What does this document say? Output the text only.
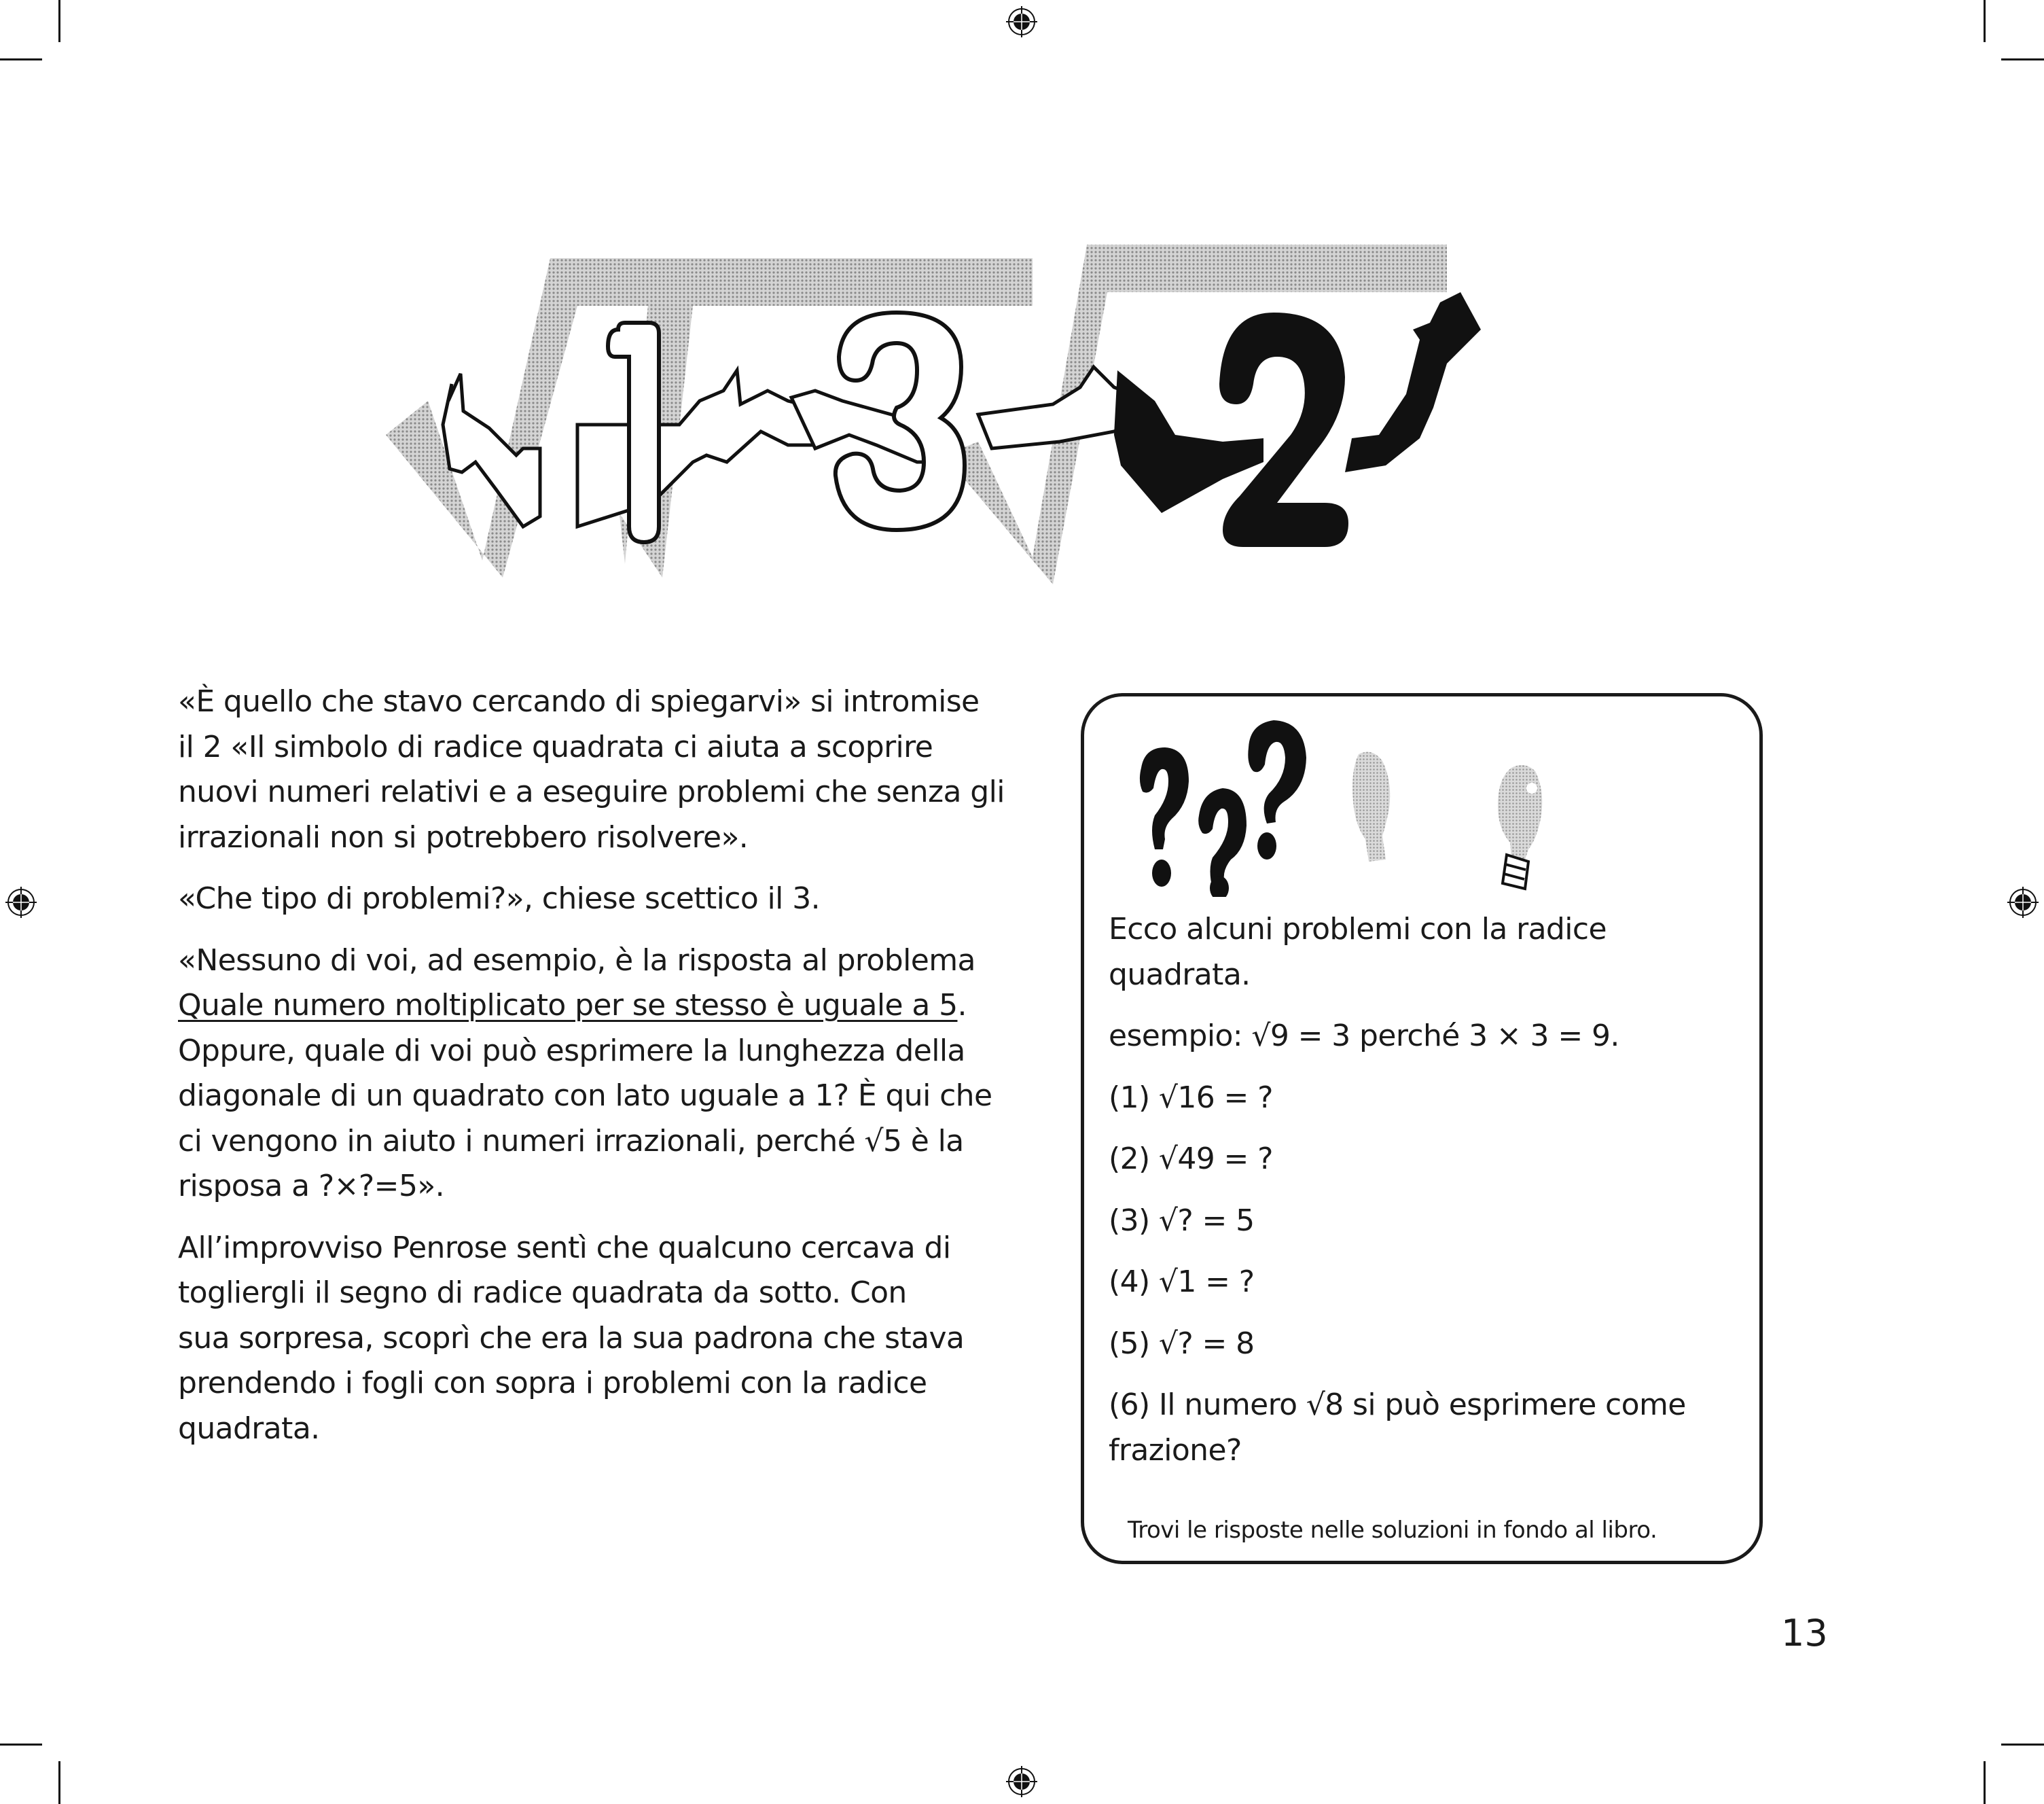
«È quello che stavo cercando di spiegarvi» si intromise
il 2 «Il simbolo di radice quadrata ci aiuta a scoprire
nuovi numeri relativi e a eseguire problemi che senza gli
irrazionali non si potrebbero risolvere».

«Che tipo di problemi?», chiese scettico il 3.

«Nessuno di voi, ad esempio, è la risposta al problema
Quale numero moltiplicato per se stesso è uguale a 5.
Oppure, quale di voi può esprimere la lunghezza della
diagonale di un quadrato con lato uguale a 1? È qui che
ci vengono in aiuto i numeri irrazionali, perché √5 è la
risposa a ?×?=5».

All’improvviso Penrose sentì che qualcuno cercava di
togliergli il segno di radice quadrata da sotto. Con
sua sorpresa, scoprì che era la sua padrona che stava
prendendo i fogli con sopra i problemi con la radice
quadrata.

Ecco alcuni problemi con la radice
quadrata.

esempio: √9 = 3 perché 3 × 3 = 9.

(1) √16 = ?

(2) √49 = ?

(3) √? = 5

(4) √1 = ?

(5) √? = 8

(6) Il numero √8 si può esprimere come
frazione?

Trovi le risposte nelle soluzioni in fondo al libro.
13
